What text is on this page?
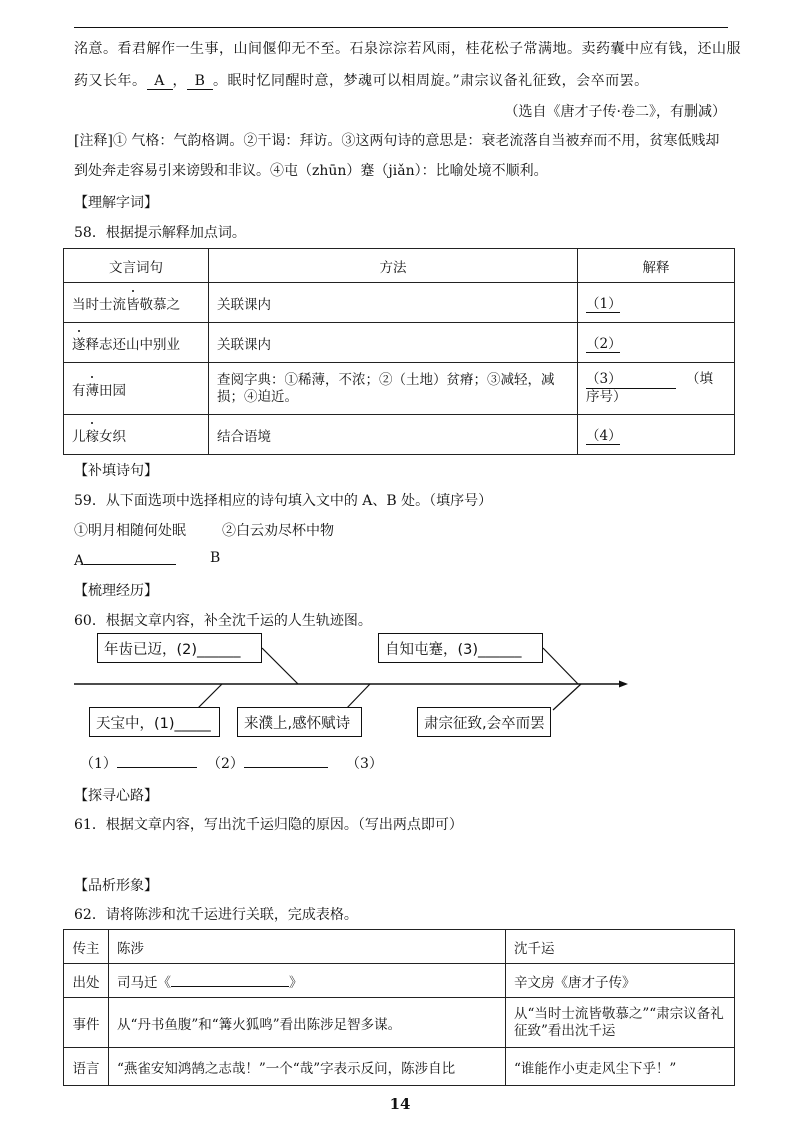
洺意。看君解作一生事，山间偃仰无不至。石泉淙淙若风雨，桂花松子常满地。卖药囊中应有钱，还山服
药又长年。 A ， B 。眠时忆同醒时意，梦魂可以相周旋。”肃宗议备礼征致，会卒而罢。
（选自《唐才子传·卷二》，有删减）
[注释]① 气格：气韵格调。②干谒：拜访。③这两句诗的意思是：衰老流落自当被弃而不用，贫寒低贱却
到处奔走容易引来谤毁和非议。④屯（zhūn）蹇（jiǎn）：比喻处境不顺利。
【理解字词】
58．根据提示解释加点词。
文言词句	方法	解释
当时士流皆敬慕之	关联课内	（1）
遂释志还山中别业	关联课内	（2）
有薄田园	查阅字典：①稀薄，不浓；②（土地）贫瘠；③减轻，减损；④迫近。	（3） （填序号）
儿稼女织	结合语境	（4）
【补填诗句】
59．从下面选项中选择相应的诗句填入文中的 A、B 处。（填序号）
①明月相随何处眠	②白云劝尽杯中物
A	B
【梳理经历】
60．根据文章内容，补全沈千运的人生轨迹图。
年齿已迈，(2)______	自知屯蹇，(3)______
天宝中，(1)_____	来濮上,感怀赋诗	肃宗征致,会卒而罢
（1）	（2）	（3）
【探寻心路】
61．根据文章内容，写出沈千运归隐的原因。（写出两点即可）
【品析形象】
62．请将陈涉和沈千运进行关联，完成表格。
传主	陈涉	沈千运
出处	司马迁《 》	辛文房《唐才子传》
事件	从“丹书鱼腹”和“篝火狐鸣”看出陈涉足智多谋。	从“当时士流皆敬慕之”“肃宗议备礼征致”看出沈千运
语言	“燕雀安知鸿鹄之志哉！”一个“哉”字表示反问，陈涉自比	“谁能作小吏走风尘下乎！”
14
